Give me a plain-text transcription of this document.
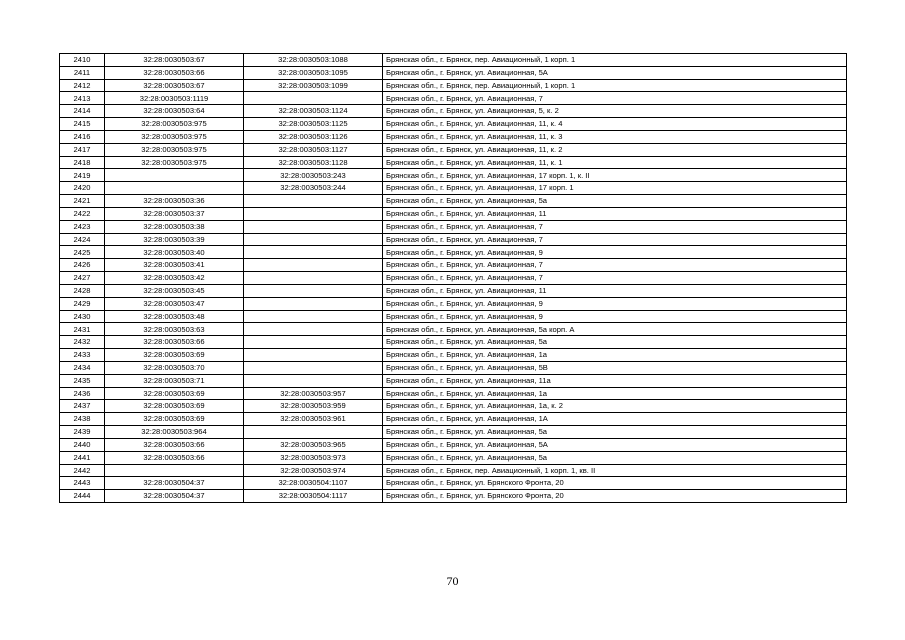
2410	32:28:0030503:67	32:28:0030503:1088	Брянская обл., г. Брянск, пер. Авиационный, 1 корп. 1
2411	32:28:0030503:66	32:28:0030503:1095	Брянская обл., г. Брянск, ул. Авиационная, 5А
2412	32:28:0030503:67	32:28:0030503:1099	Брянская обл., г. Брянск, пер. Авиационный, 1 корп. 1
2413	32:28:0030503:1119		Брянская обл., г. Брянск, ул. Авиационная, 7
2414	32:28:0030503:64	32:28:0030503:1124	Брянская обл., г. Брянск, ул. Авиационная, 5, к. 2
2415	32:28:0030503:975	32:28:0030503:1125	Брянская обл., г. Брянск, ул. Авиационная, 11, к. 4
2416	32:28:0030503:975	32:28:0030503:1126	Брянская обл., г. Брянск, ул. Авиационная, 11, к. 3
2417	32:28:0030503:975	32:28:0030503:1127	Брянская обл., г. Брянск, ул. Авиационная, 11, к. 2
2418	32:28:0030503:975	32:28:0030503:1128	Брянская обл., г. Брянск, ул. Авиационная, 11, к. 1
2419		32:28:0030503:243	Брянская обл., г. Брянск, ул. Авиационная, 17 корп. 1, к. II
2420		32:28:0030503:244	Брянская обл., г. Брянск, ул. Авиационная, 17 корп. 1
2421	32:28:0030503:36		Брянская обл., г. Брянск, ул. Авиационная, 5а
2422	32:28:0030503:37		Брянская обл., г. Брянск, ул. Авиационная, 11
2423	32:28:0030503:38		Брянская обл., г. Брянск, ул. Авиационная, 7
2424	32:28:0030503:39		Брянская обл., г. Брянск, ул. Авиационная, 7
2425	32:28:0030503:40		Брянская обл., г. Брянск, ул. Авиационная, 9
2426	32:28:0030503:41		Брянская обл., г. Брянск, ул. Авиационная, 7
2427	32:28:0030503:42		Брянская обл., г. Брянск, ул. Авиационная, 7
2428	32:28:0030503:45		Брянская обл., г. Брянск, ул. Авиационная, 11
2429	32:28:0030503:47		Брянская обл., г. Брянск, ул. Авиационная, 9
2430	32:28:0030503:48		Брянская обл., г. Брянск, ул. Авиационная, 9
2431	32:28:0030503:63		Брянская обл., г. Брянск, ул. Авиационная, 5а корп. А
2432	32:28:0030503:66		Брянская обл., г. Брянск, ул. Авиационная, 5а
2433	32:28:0030503:69		Брянская обл., г. Брянск, ул. Авиационная, 1а
2434	32:28:0030503:70		Брянская обл., г. Брянск, ул. Авиационная, 5В
2435	32:28:0030503:71		Брянская обл., г. Брянск, ул. Авиационная, 11а
2436	32:28:0030503:69	32:28:0030503:957	Брянская обл., г. Брянск, ул. Авиационная, 1а
2437	32:28:0030503:69	32:28:0030503:959	Брянская обл., г. Брянск, ул. Авиационная, 1а, к. 2
2438	32:28:0030503:69	32:28:0030503:961	Брянская обл., г. Брянск, ул. Авиационная, 1А
2439	32:28:0030503:964		Брянская обл., г. Брянск, ул. Авиационная, 5а
2440	32:28:0030503:66	32:28:0030503:965	Брянская обл., г. Брянск, ул. Авиационная, 5А
2441	32:28:0030503:66	32:28:0030503:973	Брянская обл., г. Брянск, ул. Авиационная, 5а
2442		32:28:0030503:974	Брянская обл., г. Брянск, пер. Авиационный, 1 корп. 1, кв. II
2443	32:28:0030504:37	32:28:0030504:1107	Брянская обл., г. Брянск, ул. Брянского Фронта, 20
2444	32:28:0030504:37	32:28:0030504:1117	Брянская обл., г. Брянск, ул. Брянского Фронта, 20
70
